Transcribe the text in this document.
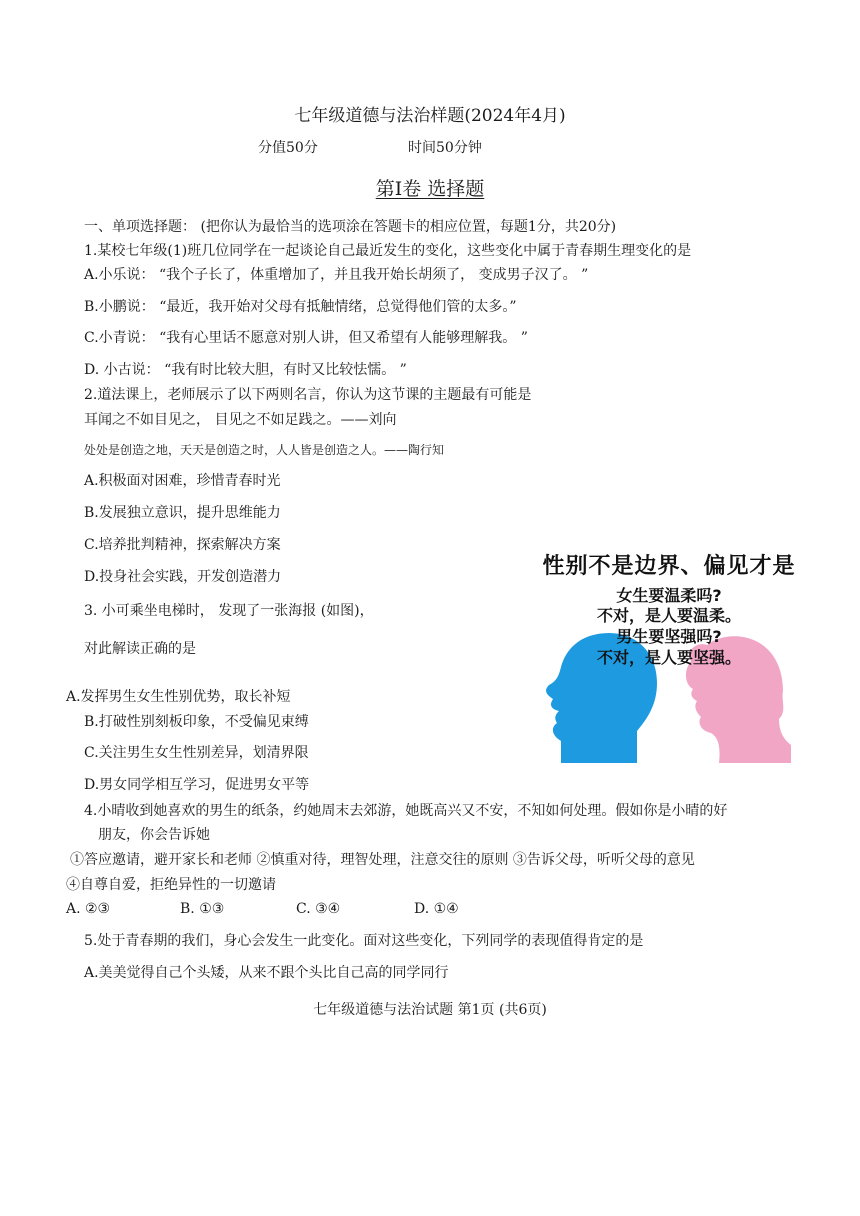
七年级道德与法治样题(2024年4月)
分值50分	时间50分钟
第Ⅰ卷 选择题
一、单项选择题： (把你认为最恰当的选项涂在答题卡的相应位置，每题1分，共20分)
1.某校七年级(1)班几位同学在一起谈论自己最近发生的变化，这些变化中属于青春期生理变化的是
A.小乐说： “我个子长了，体重增加了，并且我开始长胡须了， 变成男子汉了。 ”
B.小鹏说： “最近，我开始对父母有抵触情绪，总觉得他们管的太多。”
C.小青说： “我有心里话不愿意对别人讲，但又希望有人能够理解我。 ”
D. 小古说： “我有时比较大胆，有时又比较怯懦。 ”
2.道法课上，老师展示了以下两则名言，你认为这节课的主题最有可能是
耳闻之不如目见之， 目见之不如足践之。——刘向
处处是创造之地，天天是创造之时，人人皆是创造之人。——陶行知
A.积极面对困难，珍惜青春时光
B.发展独立意识，提升思维能力
C.培养批判精神，探索解决方案
D.投身社会实践，开发创造潜力
3. 小可乘坐电梯时， 发现了一张海报 (如图)，
对此解读正确的是
A.发挥男生女生性别优势，取长补短
B.打破性别刻板印象，不受偏见束缚
C.关注男生女生性别差异，划清界限
D.男女同学相互学习，促进男女平等
性别不是边界、偏见才是
女生要温柔吗?
不对，是人要温柔。
男生要坚强吗?
不对，是人要坚强。
4.小晴收到她喜欢的男生的纸条，约她周末去郊游，她既高兴又不安，不知如何处理。假如你是小晴的好
朋友，你会告诉她
①答应邀请，避开家长和老师 ②慎重对待，理智处理，注意交往的原则 ③告诉父母，听听父母的意见
④自尊自爱，拒绝异性的一切邀请
A. ②③	B. ①③	C. ③④	D. ①④
5.处于青春期的我们，身心会发生一此变化。面对这些变化，下列同学的表现值得肯定的是
A.美美觉得自己个头矮，从来不跟个头比自己高的同学同行
七年级道德与法治试题 第1页 (共6页)
